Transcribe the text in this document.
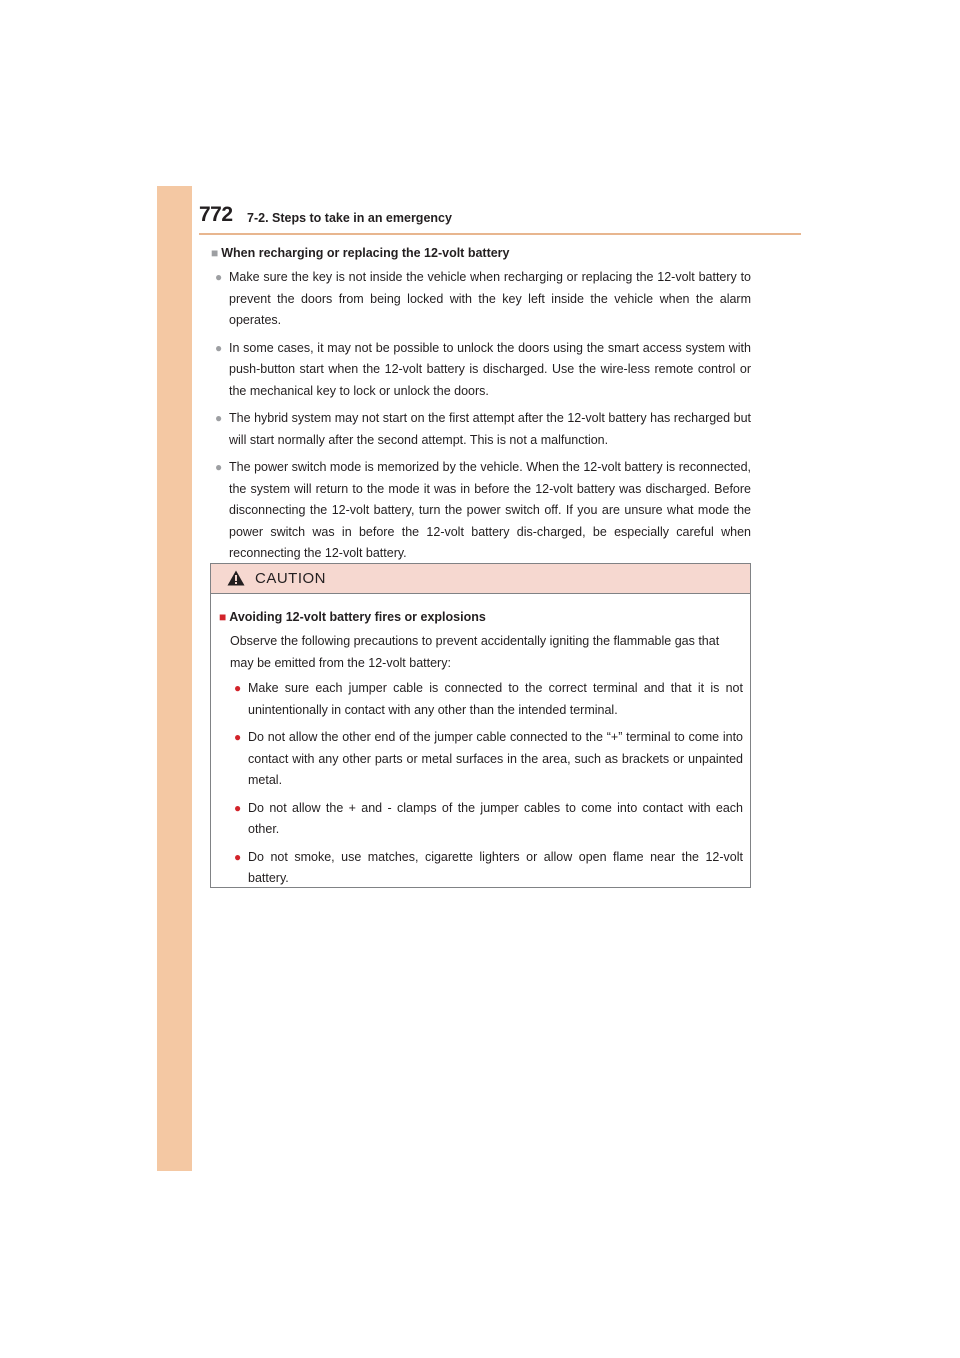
772 7-2. Steps to take in an emergency
■ When recharging or replacing the 12-volt battery
● Make sure the key is not inside the vehicle when recharging or replacing the 12-volt battery to prevent the doors from being locked with the key left inside the vehicle when the alarm operates.
● In some cases, it may not be possible to unlock the doors using the smart access system with push-button start when the 12-volt battery is discharged. Use the wire-less remote control or the mechanical key to lock or unlock the doors.
● The hybrid system may not start on the first attempt after the 12-volt battery has recharged but will start normally after the second attempt. This is not a malfunction.
● The power switch mode is memorized by the vehicle. When the 12-volt battery is reconnected, the system will return to the mode it was in before the 12-volt battery was discharged. Before disconnecting the 12-volt battery, turn the power switch off. If you are unsure what mode the power switch was in before the 12-volt battery dis-charged, be especially careful when reconnecting the 12-volt battery.
CAUTION
■ Avoiding 12-volt battery fires or explosions

Observe the following precautions to prevent accidentally igniting the flammable gas that may be emitted from the 12-volt battery:

● Make sure each jumper cable is connected to the correct terminal and that it is not unintentionally in contact with any other than the intended terminal.
● Do not allow the other end of the jumper cable connected to the “+” terminal to come into contact with any other parts or metal surfaces in the area, such as brackets or unpainted metal.
● Do not allow the + and - clamps of the jumper cables to come into contact with each other.
● Do not smoke, use matches, cigarette lighters or allow open flame near the 12-volt battery.
